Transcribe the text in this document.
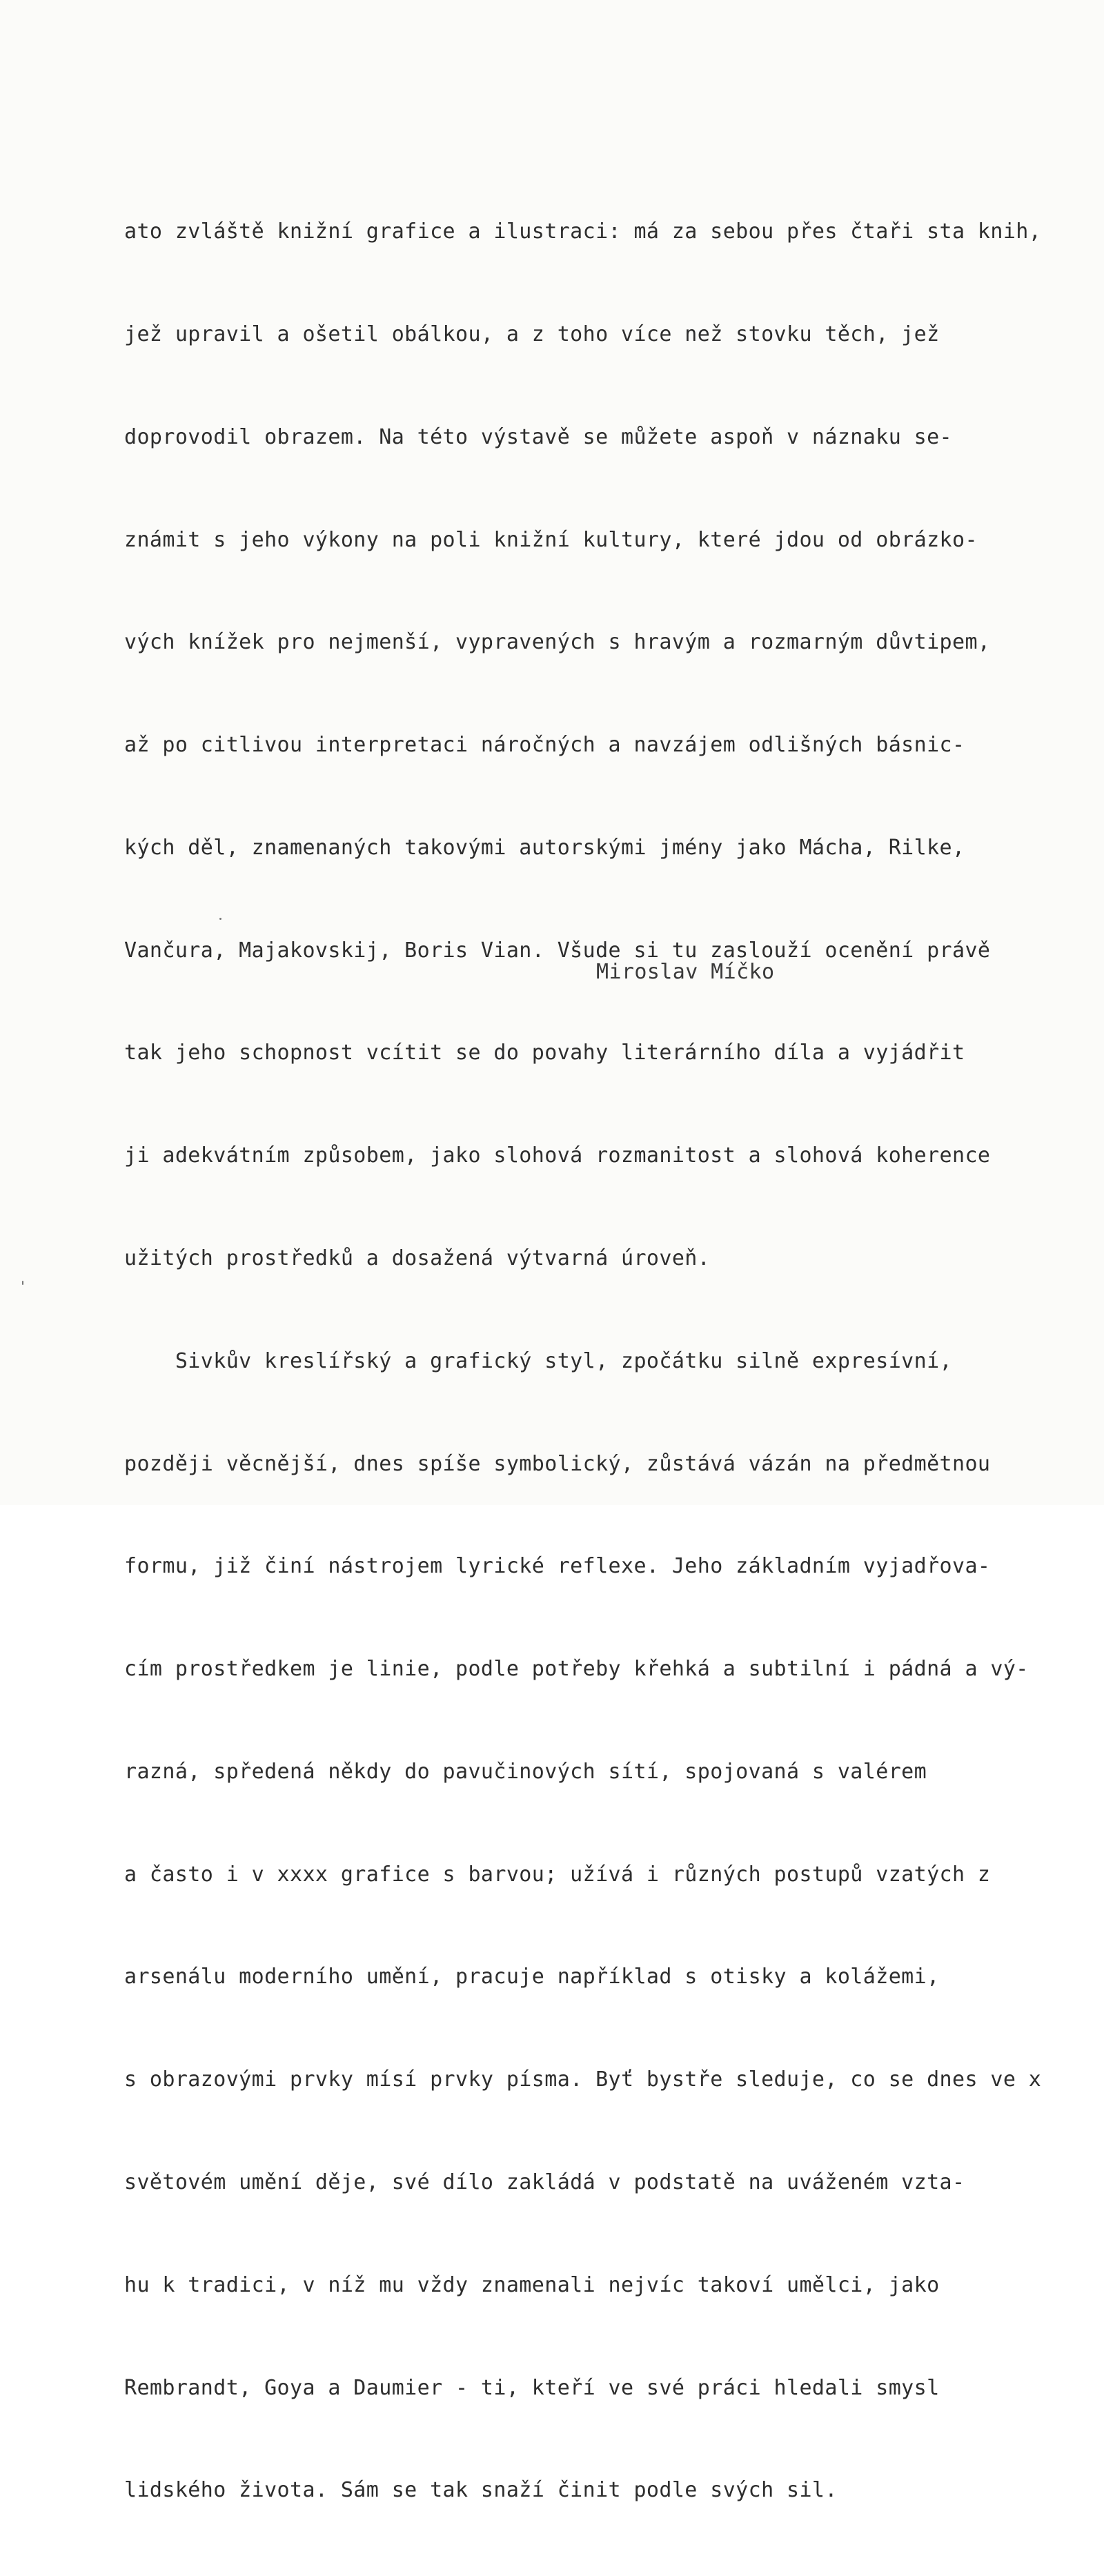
ato zvláště knižní grafice a ilustraci: má za sebou přes čtaři sta knih,

jež upravil a ošetil obálkou, a z toho více než stovku těch, jež

doprovodil obrazem. Na této výstavě se můžete aspoň v náznaku se-

známit s jeho výkony na poli knižní kultury, které jdou od obrázko-

vých knížek pro nejmenší, vypravených s hravým a rozmarným důvtipem,

až po citlivou interpretaci náročných a navzájem odlišných básnic-

kých děl, znamenaných takovými autorskými jmény jako Mácha, Rilke,

Vančura, Majakovskij, Boris Vian. Všude si tu zaslouží ocenění právě

tak jeho schopnost vcítit se do povahy literárního díla a vyjádřit

ji adekvátním způsobem, jako slohová rozmanitost a slohová koherence

užitých prostředků a dosažená výtvarná úroveň.

Sivkův kreslířský a grafický styl, zpočátku silně expresívní,

později věcnější, dnes spíše symbolický, zůstává vázán na předmětnou

formu, již činí nástrojem lyrické reflexe. Jeho základním vyjadřova-

cím prostředkem je linie, podle potřeby křehká a subtilní i pádná a vý-

razná, spředená někdy do pavučinových sítí, spojovaná s valérem

a často i v xxxx grafice s barvou; užívá i různých postupů vzatých z

arsenálu moderního umění, pracuje například s otisky a kolážemi,

s obrazovými prvky mísí prvky písma. Byť bystře sleduje, co se dnes ve x

světovém umění děje, své dílo zakládá v podstatě na uváženém vzta-

hu k tradici, v níž mu vždy znamenali nejvíc takoví umělci, jako

Rembrandt, Goya a Daumier - ti, kteří ve své práci hledali smysl

lidského života. Sám se tak snaží činit podle svých sil.

Miroslav Míčko
